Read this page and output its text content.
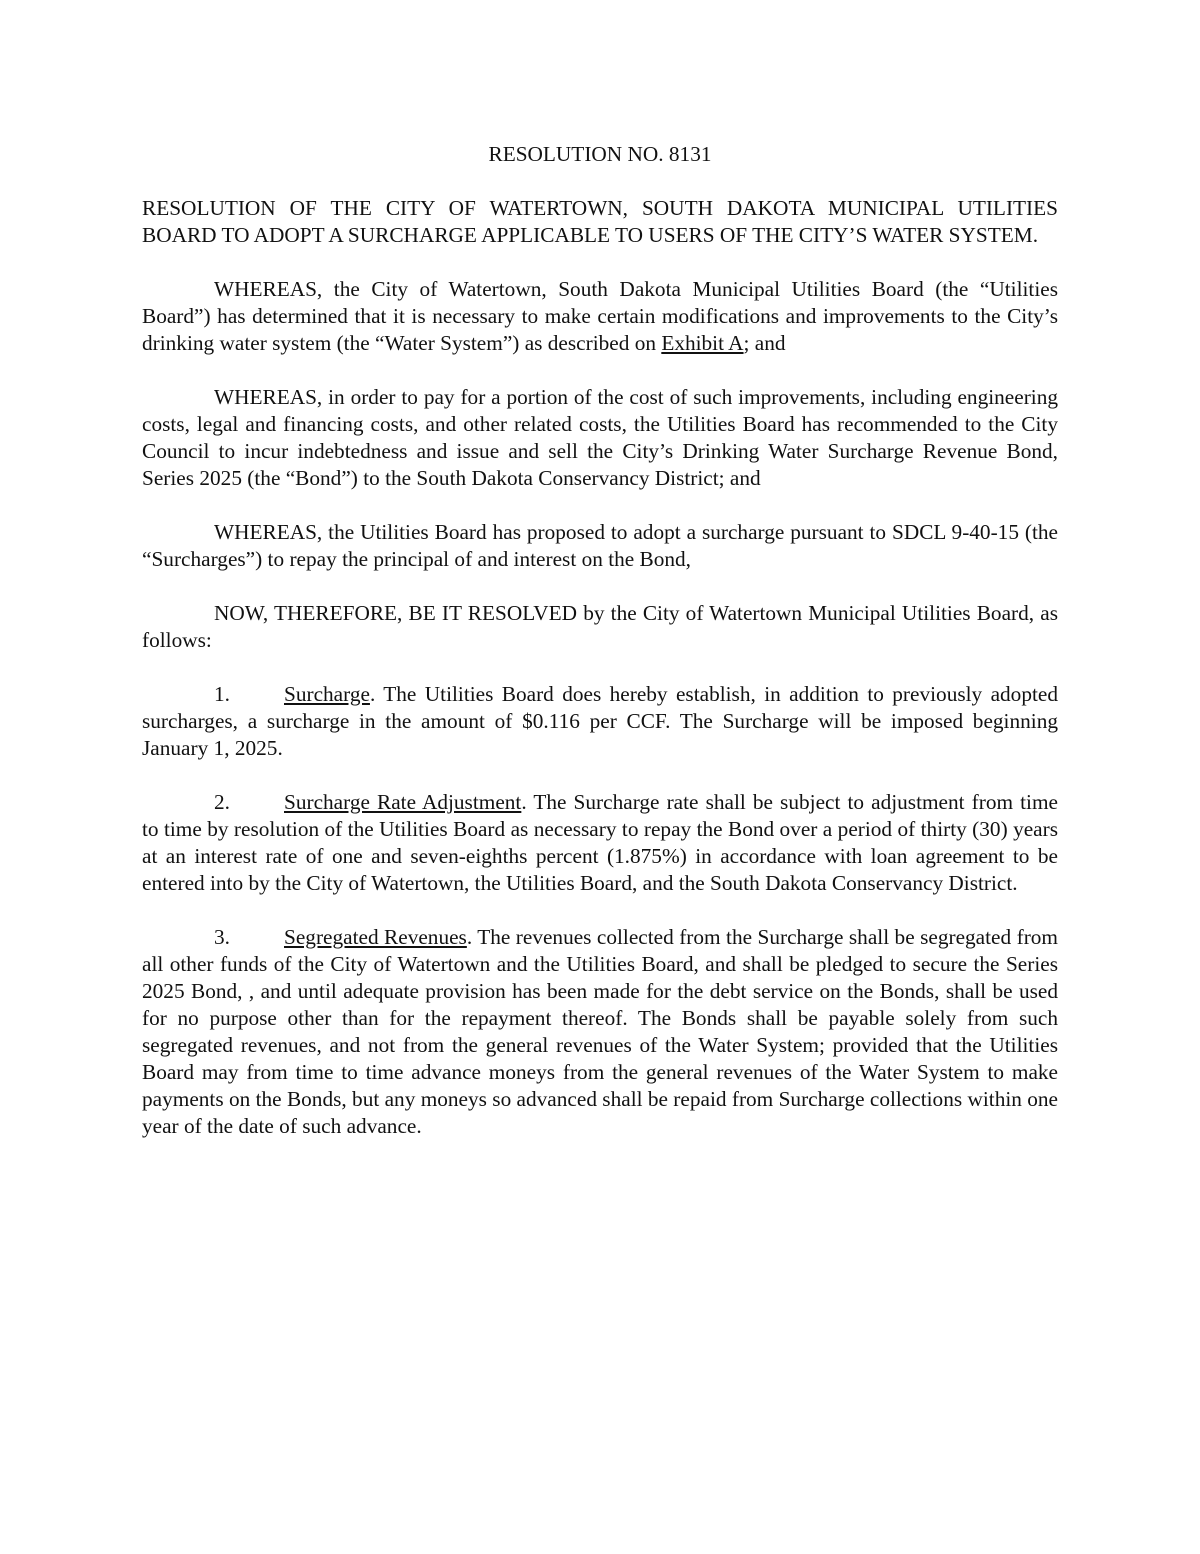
RESOLUTION NO. 8131
RESOLUTION OF THE CITY OF WATERTOWN, SOUTH DAKOTA MUNICIPAL UTILITIES BOARD TO ADOPT A SURCHARGE APPLICABLE TO USERS OF THE CITY’S WATER SYSTEM.

WHEREAS, the City of Watertown, South Dakota Municipal Utilities Board (the “Utilities Board”) has determined that it is necessary to make certain modifications and improvements to the City’s drinking water system (the “Water System”) as described on Exhibit A; and

WHEREAS, in order to pay for a portion of the cost of such improvements, including engineering costs, legal and financing costs, and other related costs, the Utilities Board has recommended to the City Council to incur indebtedness and issue and sell the City’s Drinking Water Surcharge Revenue Bond, Series 2025 (the “Bond”) to the South Dakota Conservancy District; and

WHEREAS, the Utilities Board has proposed to adopt a surcharge pursuant to SDCL 9-40-15 (the “Surcharges”) to repay the principal of and interest on the Bond,

NOW, THEREFORE, BE IT RESOLVED by the City of Watertown Municipal Utilities Board, as follows:

1.	Surcharge. The Utilities Board does hereby establish, in addition to previously adopted surcharges, a surcharge in the amount of $0.116 per CCF. The Surcharge will be imposed beginning January 1, 2025.

2.	Surcharge Rate Adjustment. The Surcharge rate shall be subject to adjustment from time to time by resolution of the Utilities Board as necessary to repay the Bond over a period of thirty (30) years at an interest rate of one and seven-eighths percent (1.875%) in accordance with loan agreement to be entered into by the City of Watertown, the Utilities Board, and the South Dakota Conservancy District.

3.	Segregated Revenues. The revenues collected from the Surcharge shall be segregated from all other funds of the City of Watertown and the Utilities Board, and shall be pledged to secure the Series 2025 Bond, , and until adequate provision has been made for the debt service on the Bonds, shall be used for no purpose other than for the repayment thereof. The Bonds shall be payable solely from such segregated revenues, and not from the general revenues of the Water System; provided that the Utilities Board may from time to time advance moneys from the general revenues of the Water System to make payments on the Bonds, but any moneys so advanced shall be repaid from Surcharge collections within one year of the date of such advance.
